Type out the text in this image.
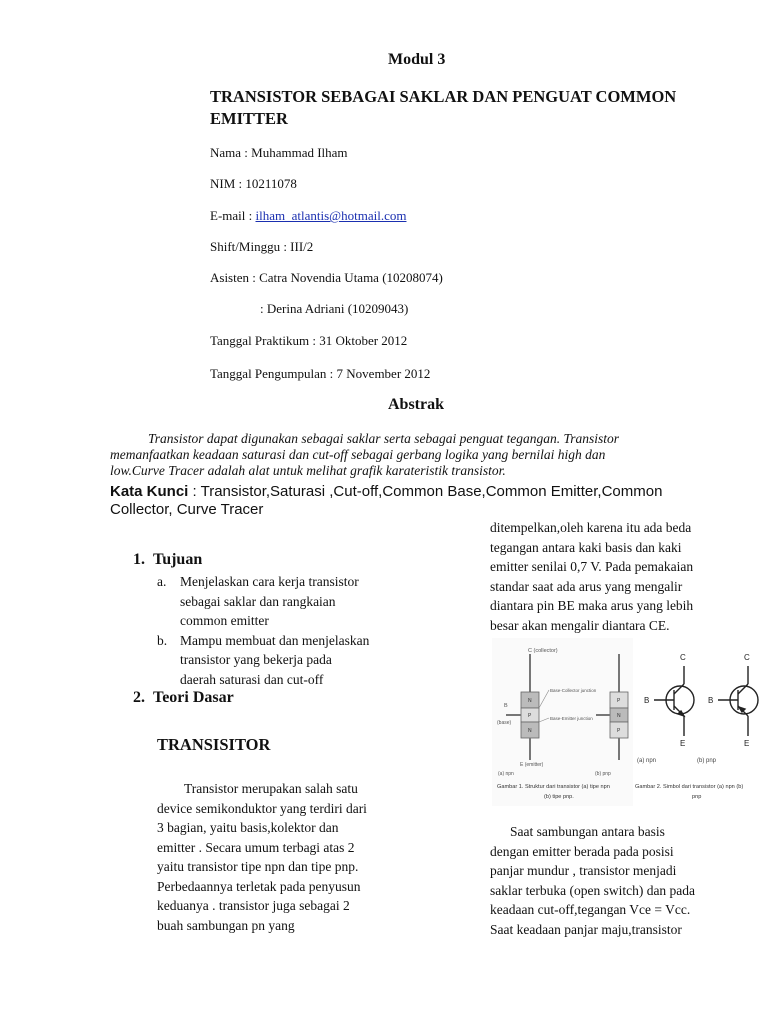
Modul 3
TRANSISTOR SEBAGAI SAKLAR DAN PENGUAT COMMON EMITTER
Nama : Muhammad Ilham
NIM : 10211078
E-mail : ilham_atlantis@hotmail.com
Shift/Minggu : III/2
Asisten : Catra Novendia Utama (10208074)
: Derina Adriani (10209043)
Tanggal Praktikum : 31 Oktober 2012
Tanggal Pengumpulan : 7 November 2012
Abstrak
Transistor dapat digunakan sebagai saklar serta sebagai penguat tegangan. Transistor
memanfaatkan keadaan saturasi dan cut-off sebagai gerbang logika yang bernilai high dan
low.Curve Tracer adalah alat untuk melihat grafik karateristik transistor.
Kata Kunci : Transistor,Saturasi ,Cut-off,Common Base,Common Emitter,Common
Collector, Curve Tracer
1. Tujuan
a. Menjelaskan cara kerja transistor
sebagai saklar dan rangkaian
common emitter
b. Mampu membuat dan menjelaskan
transistor yang bekerja pada
daerah saturasi dan cut-off
2. Teori Dasar
TRANSISITOR
Transistor merupakan salah satu
device semikonduktor yang terdiri dari
3 bagian, yaitu basis,kolektor dan
emitter . Secara umum terbagi atas 2
yaitu transistor tipe npn dan tipe pnp.
Perbedaannya terletak pada penyusun
keduanya . transistor juga sebagai 2
buah sambungan pn yang
ditempelkan,oleh karena itu ada beda
tegangan antara kaki basis dan kaki
emitter senilai 0,7 V. Pada pemakaian
standar saat ada arus yang mengalir
diantara pin BE maka arus yang lebih
besar akan mengalir diantara CE.
C (collector)
N
P
N
B
(base)
Base-Collector junction
Base-Emitter junction
E (emitter)
(a) npn
P
N
P
(b) pnp
C
B
E
C
B
E
(a) npn	(b) pnp
Gambar 1. Struktur dari transistor (a) tipe npn
(b) tipe pnp.
Gambar 2. Simbol dari transistor (a) npn (b)
pnp
Saat sambungan antara basis
dengan emitter berada pada posisi
panjar mundur , transistor menjadi
saklar terbuka (open switch) dan pada
keadaan cut-off,tegangan Vce = Vcc.
Saat keadaan panjar maju,transistor
